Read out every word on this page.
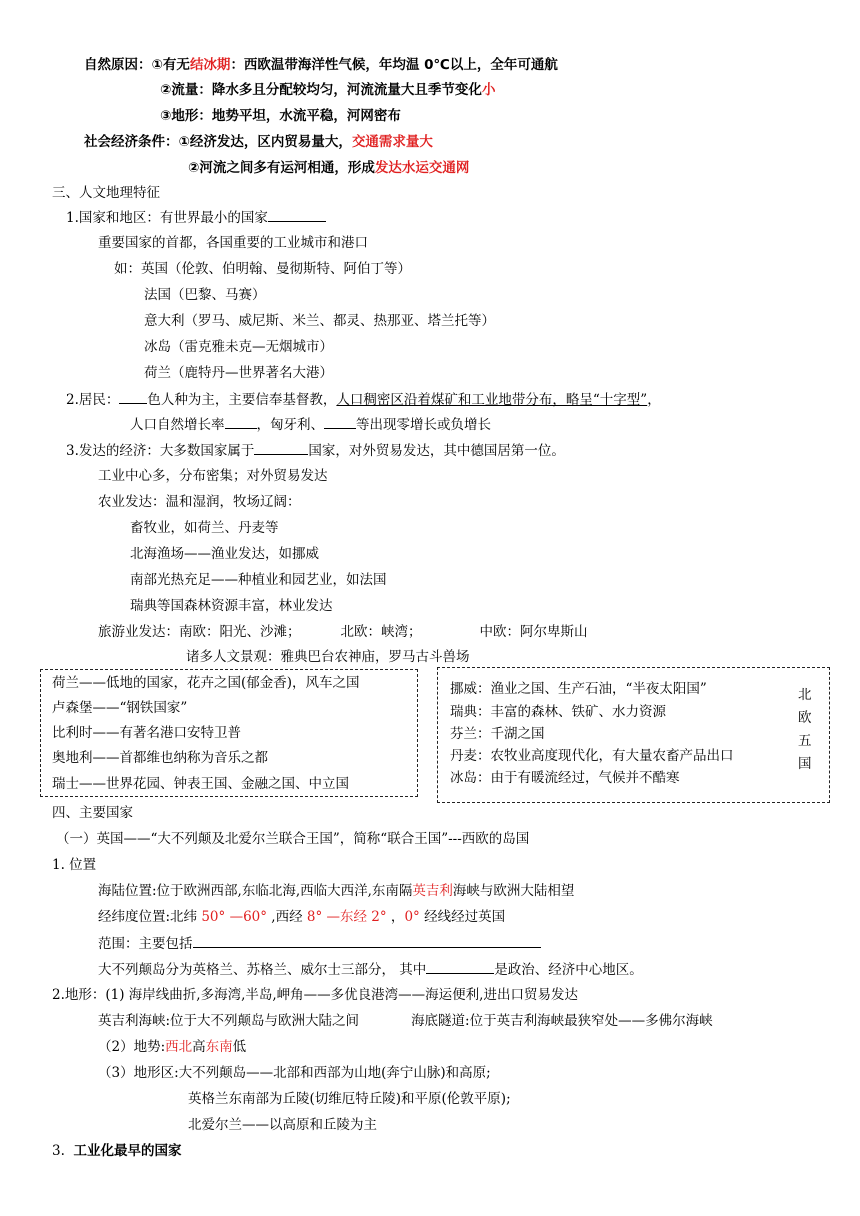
自然原因：①有无结冰期：西欧温带海洋性气候，年均温 0℃以上，全年可通航
②流量：降水多且分配较均匀，河流流量大且季节变化小
③地形：地势平坦，水流平稳，河网密布
社会经济条件：①经济发达，区内贸易量大，交通需求量大
②河流之间多有运河相通，形成发达水运交通网
三、人文地理特征
1.国家和地区：有世界最小的国家
重要国家的首都，各国重要的工业城市和港口
如：英国（伦敦、伯明翰、曼彻斯特、阿伯丁等）
法国（巴黎、马赛）
意大利（罗马、威尼斯、米兰、都灵、热那亚、塔兰托等）
冰岛（雷克雅未克—无烟城市）
荷兰（鹿特丹—世界著名大港）
2.居民： 色人种为主，主要信奉基督教，人口稠密区沿着煤矿和工业地带分布，略呈“十字型”，
人口自然增长率 ，匈牙利、 等出现零增长或负增长
3.发达的经济：大多数国家属于	国家，对外贸易发达，其中德国居第一位。
工业中心多，分布密集；对外贸易发达
农业发达：温和湿润，牧场辽阔：
畜牧业，如荷兰、丹麦等
北海渔场——渔业发达，如挪威
南部光热充足——种植业和园艺业，如法国
瑞典等国森林资源丰富，林业发达
旅游业发达：南欧：阳光、沙滩；	北欧：峡湾；	中欧：阿尔卑斯山
诸多人文景观：雅典巴台农神庙，罗马古斗兽场
荷兰——低地的国家，花卉之国(郁金香)，风车之国
卢森堡——“钢铁国家”
比利时——有著名港口安特卫普
奥地利——首都维也纳称为音乐之都
瑞士——世界花园、钟表王国、金融之国、中立国
挪威：渔业之国、生产石油，“半夜太阳国”
瑞典：丰富的森林、铁矿、水力资源
芬兰：千湖之国
丹麦：农牧业高度现代化，有大量农畜产品出口
冰岛：由于有暖流经过，气候并不酷寒
北
欧
五
国
四、主要国家
（一）英国——“大不列颠及北爱尔兰联合王国”，简称“联合王国”---西欧的岛国
1. 位置
海陆位置:位于欧洲西部,东临北海,西临大西洋,东南隔英吉利海峡与欧洲大陆相望
经纬度位置:北纬 50° —60° ,西经 8° —东经 2° ，0° 经线经过英国
范围：主要包括
大不列颠岛分为英格兰、苏格兰、威尔士三部分， 其中	是政治、经济中心地区。
2.地形：(1) 海岸线曲折,多海湾,半岛,岬角——多优良港湾——海运便利,进出口贸易发达
英吉利海峡:位于大不列颠岛与欧洲大陆之间	海底隧道:位于英吉利海峡最狭窄处——多佛尔海峡
（2）地势:西北高东南低
（3）地形区:大不列颠岛——北部和西部为山地(奔宁山脉)和高原;
英格兰东南部为丘陵(切维厄特丘陵)和平原(伦敦平原);
北爱尔兰——以高原和丘陵为主
3. 工业化最早的国家
